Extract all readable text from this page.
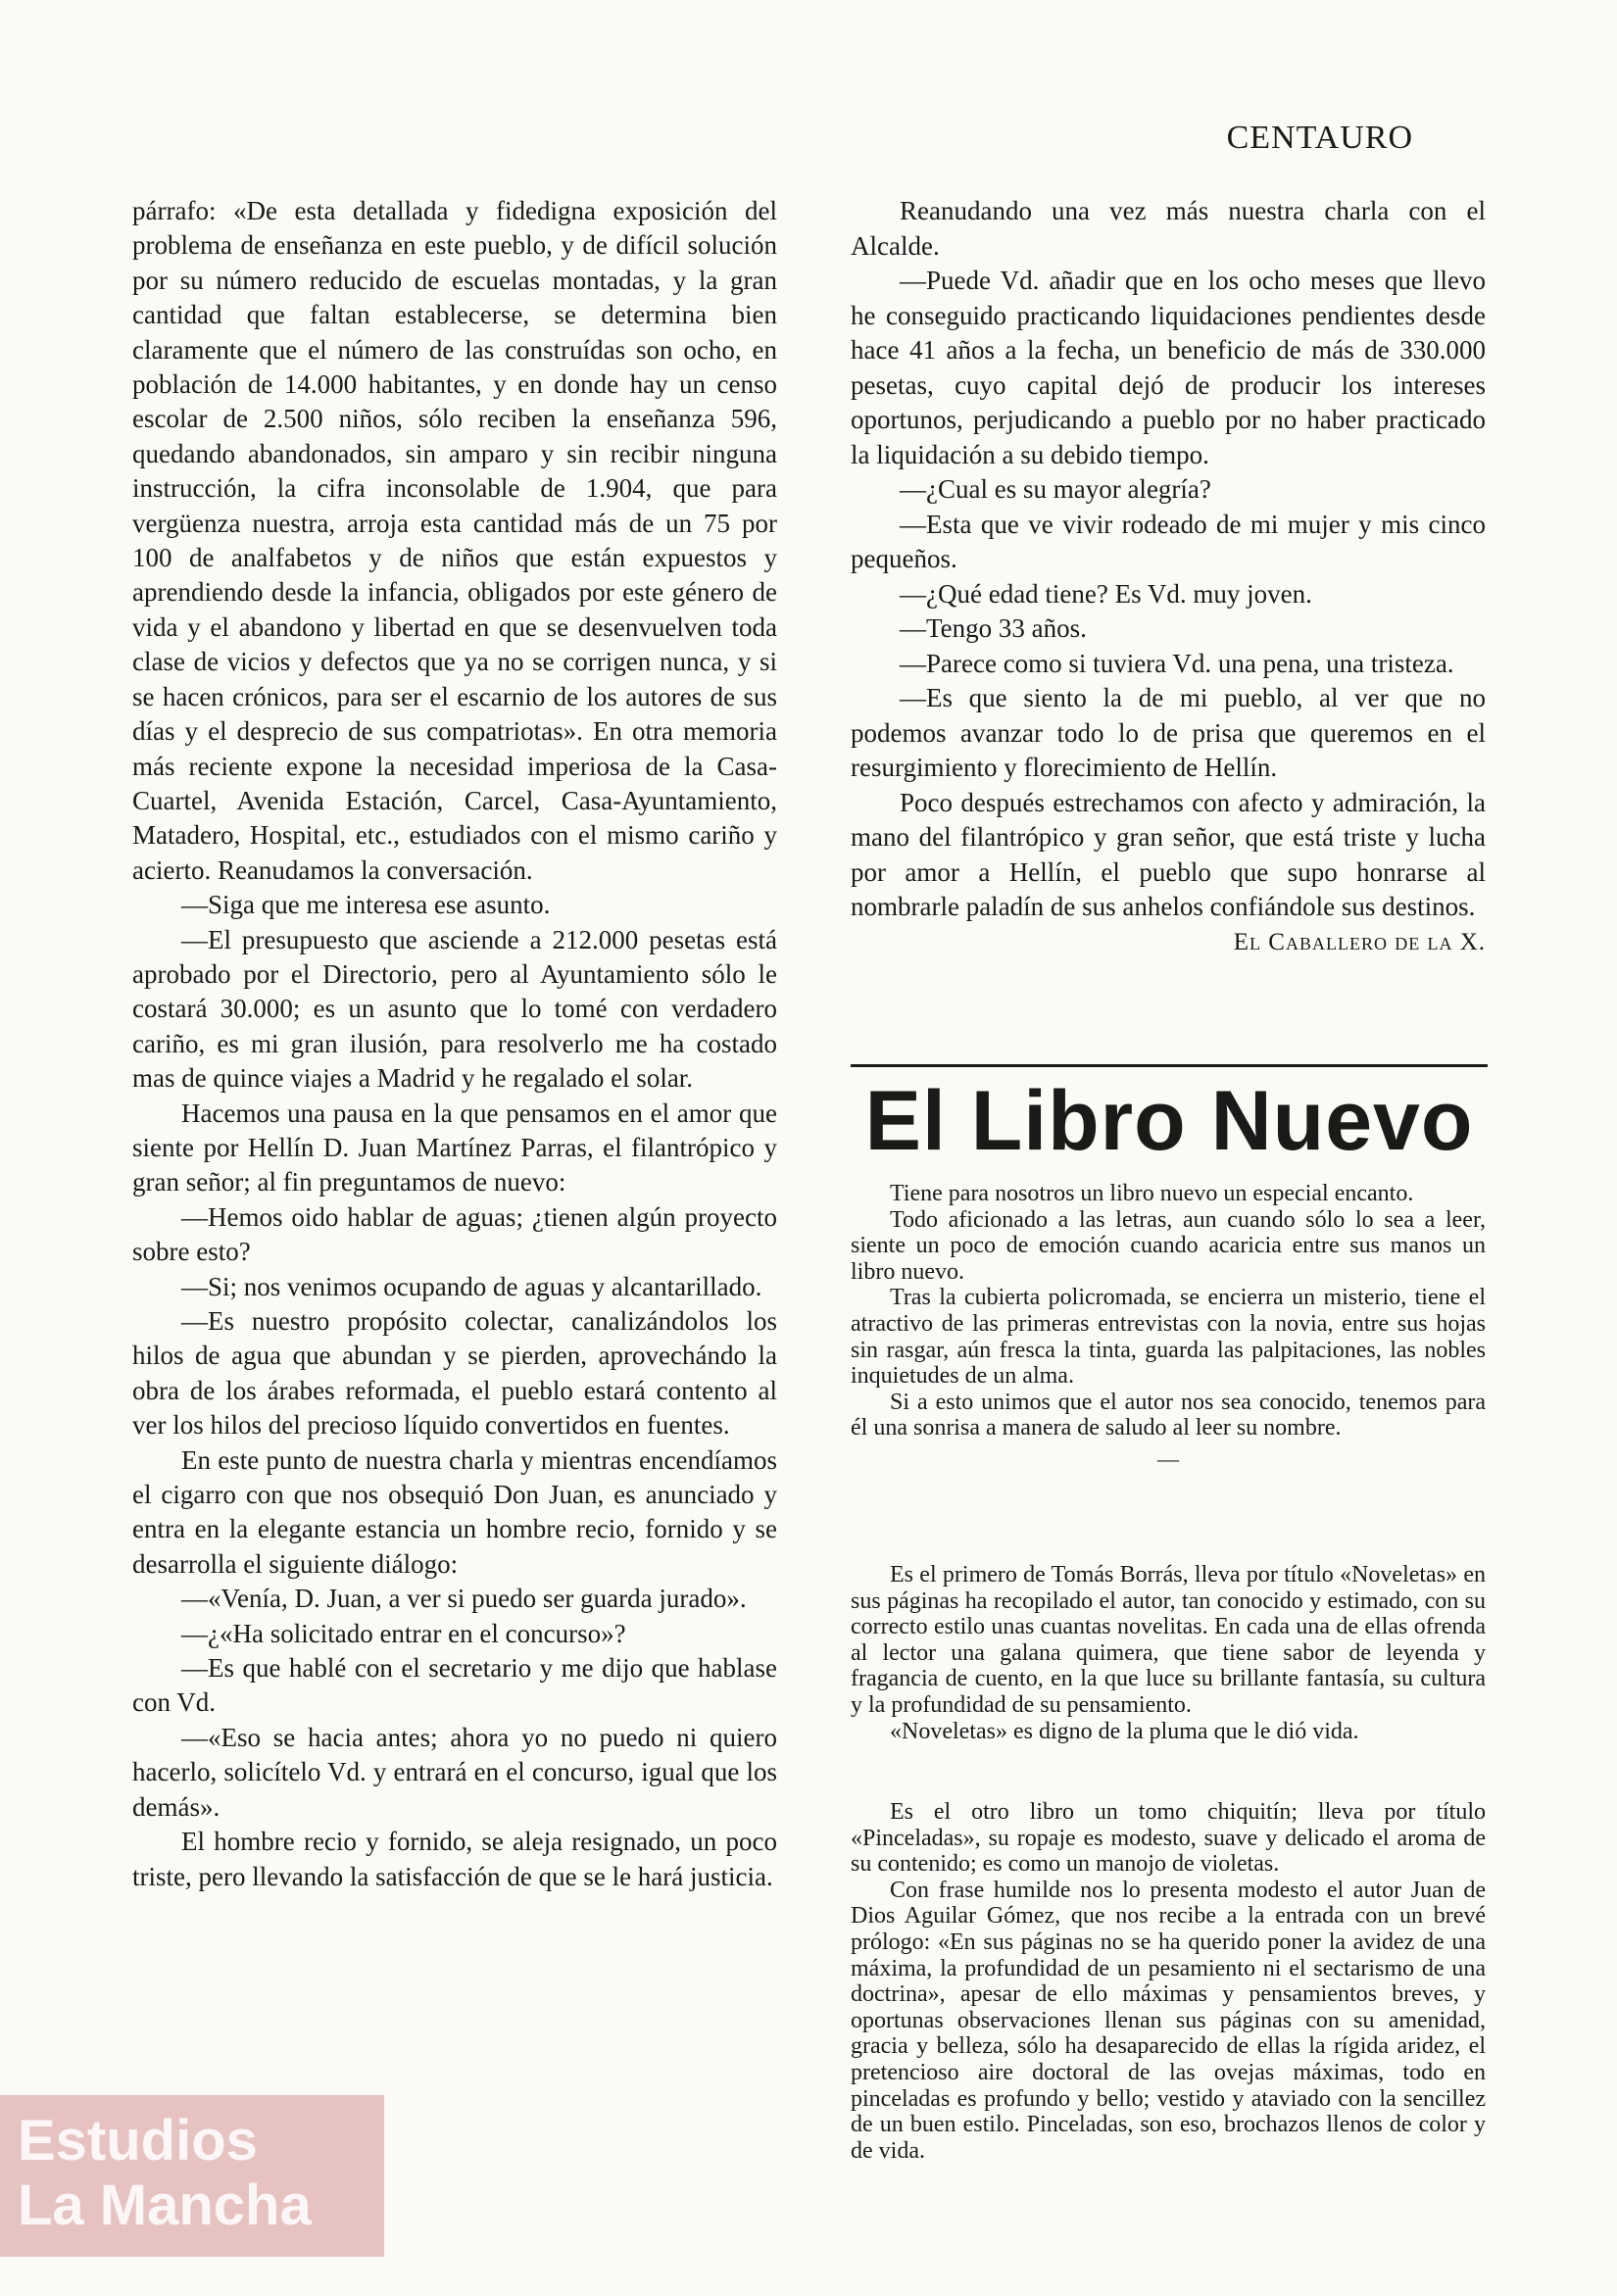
CENTAURO

párrafo: «De esta detallada y fidedigna exposición del problema de enseñanza en este pueblo, y de difícil solución por su número reducido de escuelas montadas, y la gran cantidad que faltan establecerse, se determina bien claramente que el número de las construídas son ocho, en población de 14.000 habitantes, y en donde hay un censo escolar de 2.500 niños, sólo reciben la enseñanza 596, quedando abandonados, sin amparo y sin recibir ninguna instrucción, la cifra inconsolable de 1.904, que para vergüenza nuestra, arroja esta cantidad más de un 75 por 100 de analfabetos y de niños que están expuestos y aprendiendo desde la infancia, obligados por este género de vida y el abandono y libertad en que se desenvuelven toda clase de vicios y defectos que ya no se corrigen nunca, y si se hacen crónicos, para ser el escarnio de los autores de sus días y el desprecio de sus compatriotas». En otra memoria más reciente expone la necesidad imperiosa de la Casa-Cuartel, Avenida Estación, Carcel, Casa-Ayuntamiento, Matadero, Hospital, etc., estudiados con el mismo cariño y acierto. Reanudamos la conversación.

—Siga que me interesa ese asunto.

—El presupuesto que asciende a 212.000 pesetas está aprobado por el Directorio, pero al Ayuntamiento sólo le costará 30.000; es un asunto que lo tomé con verdadero cariño, es mi gran ilusión, para resolverlo me ha costado mas de quince viajes a Madrid y he regalado el solar.

Hacemos una pausa en la que pensamos en el amor que siente por Hellín D. Juan Martínez Parras, el filantrópico y gran señor; al fin preguntamos de nuevo:

—Hemos oido hablar de aguas; ¿tienen algún proyecto sobre esto?

—Si; nos venimos ocupando de aguas y alcantarillado.

—Es nuestro propósito colectar, canalizándolos los hilos de agua que abundan y se pierden, aprovechándo la obra de los árabes reformada, el pueblo estará contento al ver los hilos del precioso líquido convertidos en fuentes.

En este punto de nuestra charla y mientras encendíamos el cigarro con que nos obsequió Don Juan, es anunciado y entra en la elegante estancia un hombre recio, fornido y se desarrolla el siguiente diálogo:

—«Venía, D. Juan, a ver si puedo ser guarda jurado».

—¿«Ha solicitado entrar en el concurso»?

—Es que hablé con el secretario y me dijo que hablase con Vd.

—«Eso se hacia antes; ahora yo no puedo ni quiero hacerlo, solicítelo Vd. y entrará en el concurso, igual que los demás».

El hombre recio y fornido, se aleja resignado, un poco triste, pero llevando la satisfacción de que se le hará justicia.

Reanudando una vez más nuestra charla con el Alcalde.

—Puede Vd. añadir que en los ocho meses que llevo he conseguido practicando liquidaciones pendientes desde hace 41 años a la fecha, un beneficio de más de 330.000 pesetas, cuyo capital dejó de producir los intereses oportunos, perjudicando a pueblo por no haber practicado la liquidación a su debido tiempo.

—¿Cual es su mayor alegría?

—Esta que ve vivir rodeado de mi mujer y mis cinco pequeños.

—¿Qué edad tiene? Es Vd. muy joven.

—Tengo 33 años.

—Parece como si tuviera Vd. una pena, una tristeza.

—Es que siento la de mi pueblo, al ver que no podemos avanzar todo lo de prisa que queremos en el resurgimiento y florecimiento de Hellín.

Poco después estrechamos con afecto y admiración, la mano del filantrópico y gran señor, que está triste y lucha por amor a Hellín, el pueblo que supo honrarse al nombrarle paladín de sus anhelos confiándole sus destinos.

El Caballero de la X.
El Libro Nuevo

Tiene para nosotros un libro nuevo un especial encanto.

Todo aficionado a las letras, aun cuando sólo lo sea a leer, siente un poco de emoción cuando acaricia entre sus manos un libro nuevo.

Tras la cubierta policromada, se encierra un misterio, tiene el atractivo de las primeras entrevistas con la novia, entre sus hojas sin rasgar, aún fresca la tinta, guarda las palpitaciones, las nobles inquietudes de un alma.

Si a esto unimos que el autor nos sea conocido, tenemos para él una sonrisa a manera de saludo al leer su nombre.

—

Es el primero de Tomás Borrás, lleva por título «Noveletas» en sus páginas ha recopilado el autor, tan conocido y estimado, con su correcto estilo unas cuantas novelitas. En cada una de ellas ofrenda al lector una galana quimera, que tiene sabor de leyenda y fragancia de cuento, en la que luce su brillante fantasía, su cultura y la profundidad de su pensamiento.

«Noveletas» es digno de la pluma que le dió vida.

Es el otro libro un tomo chiquitín; lleva por título «Pinceladas», su ropaje es modesto, suave y delicado el aroma de su contenido; es como un manojo de violetas.

Con frase humilde nos lo presenta modesto el autor Juan de Dios Aguilar Gómez, que nos recibe a la entrada con un brevé prólogo: «En sus páginas no se ha querido poner la avidez de una máxima, la profundidad de un pesamiento ni el sectarismo de una doctrina», apesar de ello máximas y pensamientos breves, y oportunas observaciones llenan sus páginas con su amenidad, gracia y belleza, sólo ha desaparecido de ellas la rígida aridez, el pretencioso aire doctoral de las ovejas máximas, todo en pinceladas es profundo y bello; vestido y ataviado con la sencillez de un buen estilo. Pinceladas, son eso, brochazos llenos de color y de vida.

Estudios
La Mancha
